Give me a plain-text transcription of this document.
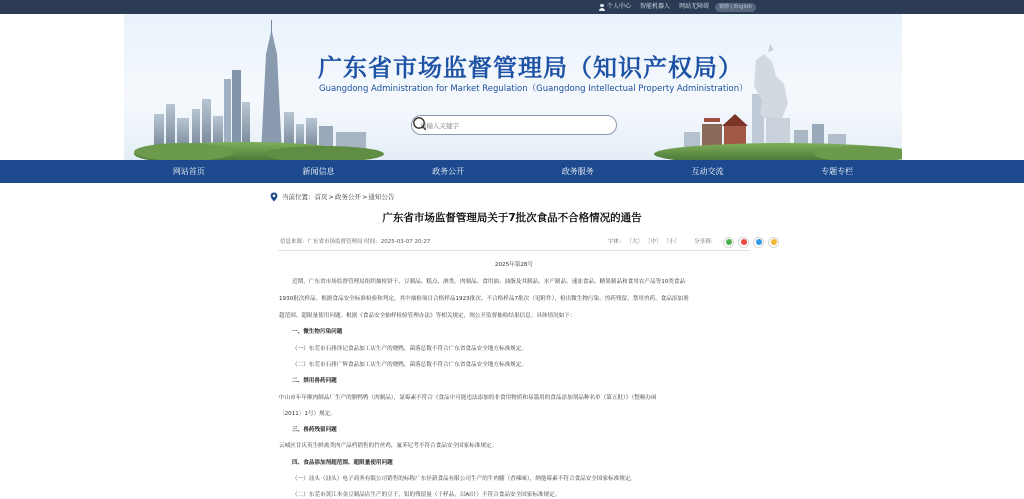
个人中心 智能机器人 网站无障碍	繁體 | English
广东省市场监督管理局（知识产权局）
Guangdong Administration for Market Regulation（Guangdong Intellectual Property Administration）
请输入关键字
网站首页	新闻信息	政务公开	政务服务	互动交流	专题专栏
当前位置： 首页 > 政务公开 > 通知公告
广东省市场监督管理局关于7批次食品不合格情况的通告
信息来源：广东省市场监督管理局 时间：2025-03-07 20:27	字体： ［大］ ［中］ ［小］	分享到：
2025年第28号
近期，广东省市场监督管理局组织抽检饼干、豆制品、糕点、酒类、肉制品、食用油、油脂及其制品、水产制品、速冻食品、糖果制品和食用农产品等10类食品
1930批次样品。根据食品安全标准检验和判定，其中抽检项目合格样品1923批次、不合格样品7批次（见附件），检出微生物污染、兽药残留、禁用兽药、食品添加剂
超范围、超限量使用问题。根据《食品安全抽样检验管理办法》等相关规定，现公开监督抽检结果信息。具体情况如下：
一、微生物污染问题
（一）东莞市石排泽记食品加工店生产的烧鸭，菌落总数不符合广东省食品安全地方标准规定。
（二）东莞市石排广辉食品加工店生产的烧鸭，菌落总数不符合广东省食品安全地方标准规定。
二、禁用兽药问题
中山市年年顺肉制品厂生产的腊鸭鸭（肉制品），氯霉素不符合《食品中可能违法添加的非食用物质和易滥用的食品添加剂品种名单（第五批）》（整顿办函
〔2011〕1号）规定。
三、兽药残留问题
云城区甘庆英生鲜禽类肉产品档销售的竹丝鸡，氟苯尼考不符合食品安全国家标准规定。
四、食品添加剂超范围、超限量使用问题
（一）汕头（汕头）电子商务有限公司销售的标称广东径新食品有限公司生产的牛肉脯（香辣味），纳他霉素不符合食品安全国家标准规定。
（二）东莞市黄江本金豆制品店生产的豆干，铝的残留量（干样品，以Al计）不符合食品安全国家标准规定。
